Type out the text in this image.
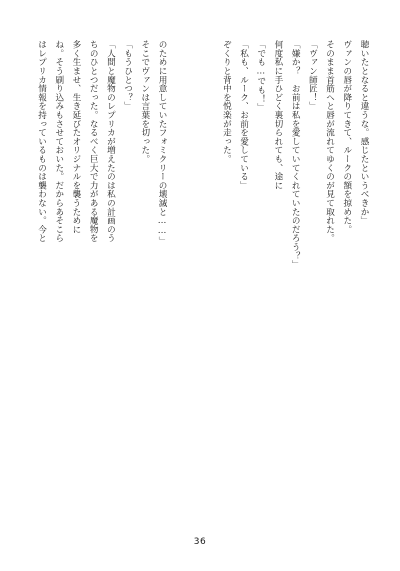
のために用意していたフォミクリーの壊滅と……」
そこでヴァンは言葉を切った。
「もうひとつ？」
「人間と魔物のレプリカが増えたのは私の計画のう
ちのひとつだった。なるべく巨大で力がある魔物を
多く生ませ、生き延びたオリジナルを襲うために
ね。そう刷り込みもさせておいた。だからあそこら
はレプリカ情報を持っているものは襲わない。今と	聴いたとなると違うな。感じたというべきか」
ヴァンの唇が降りてきて、ルークの額を掠めた。
そのまま首筋へと唇が流れてゆくのが見て取れた。
「ヴァン師匠！」
「嫌か？　お前は私を愛していてくれていたのだろう？」
何度私に手ひどく裏切られても、途に
「でも…でも！」
「私も、ルーク、お前を愛している」
ぞくりと背中を悦楽が走った。
36
